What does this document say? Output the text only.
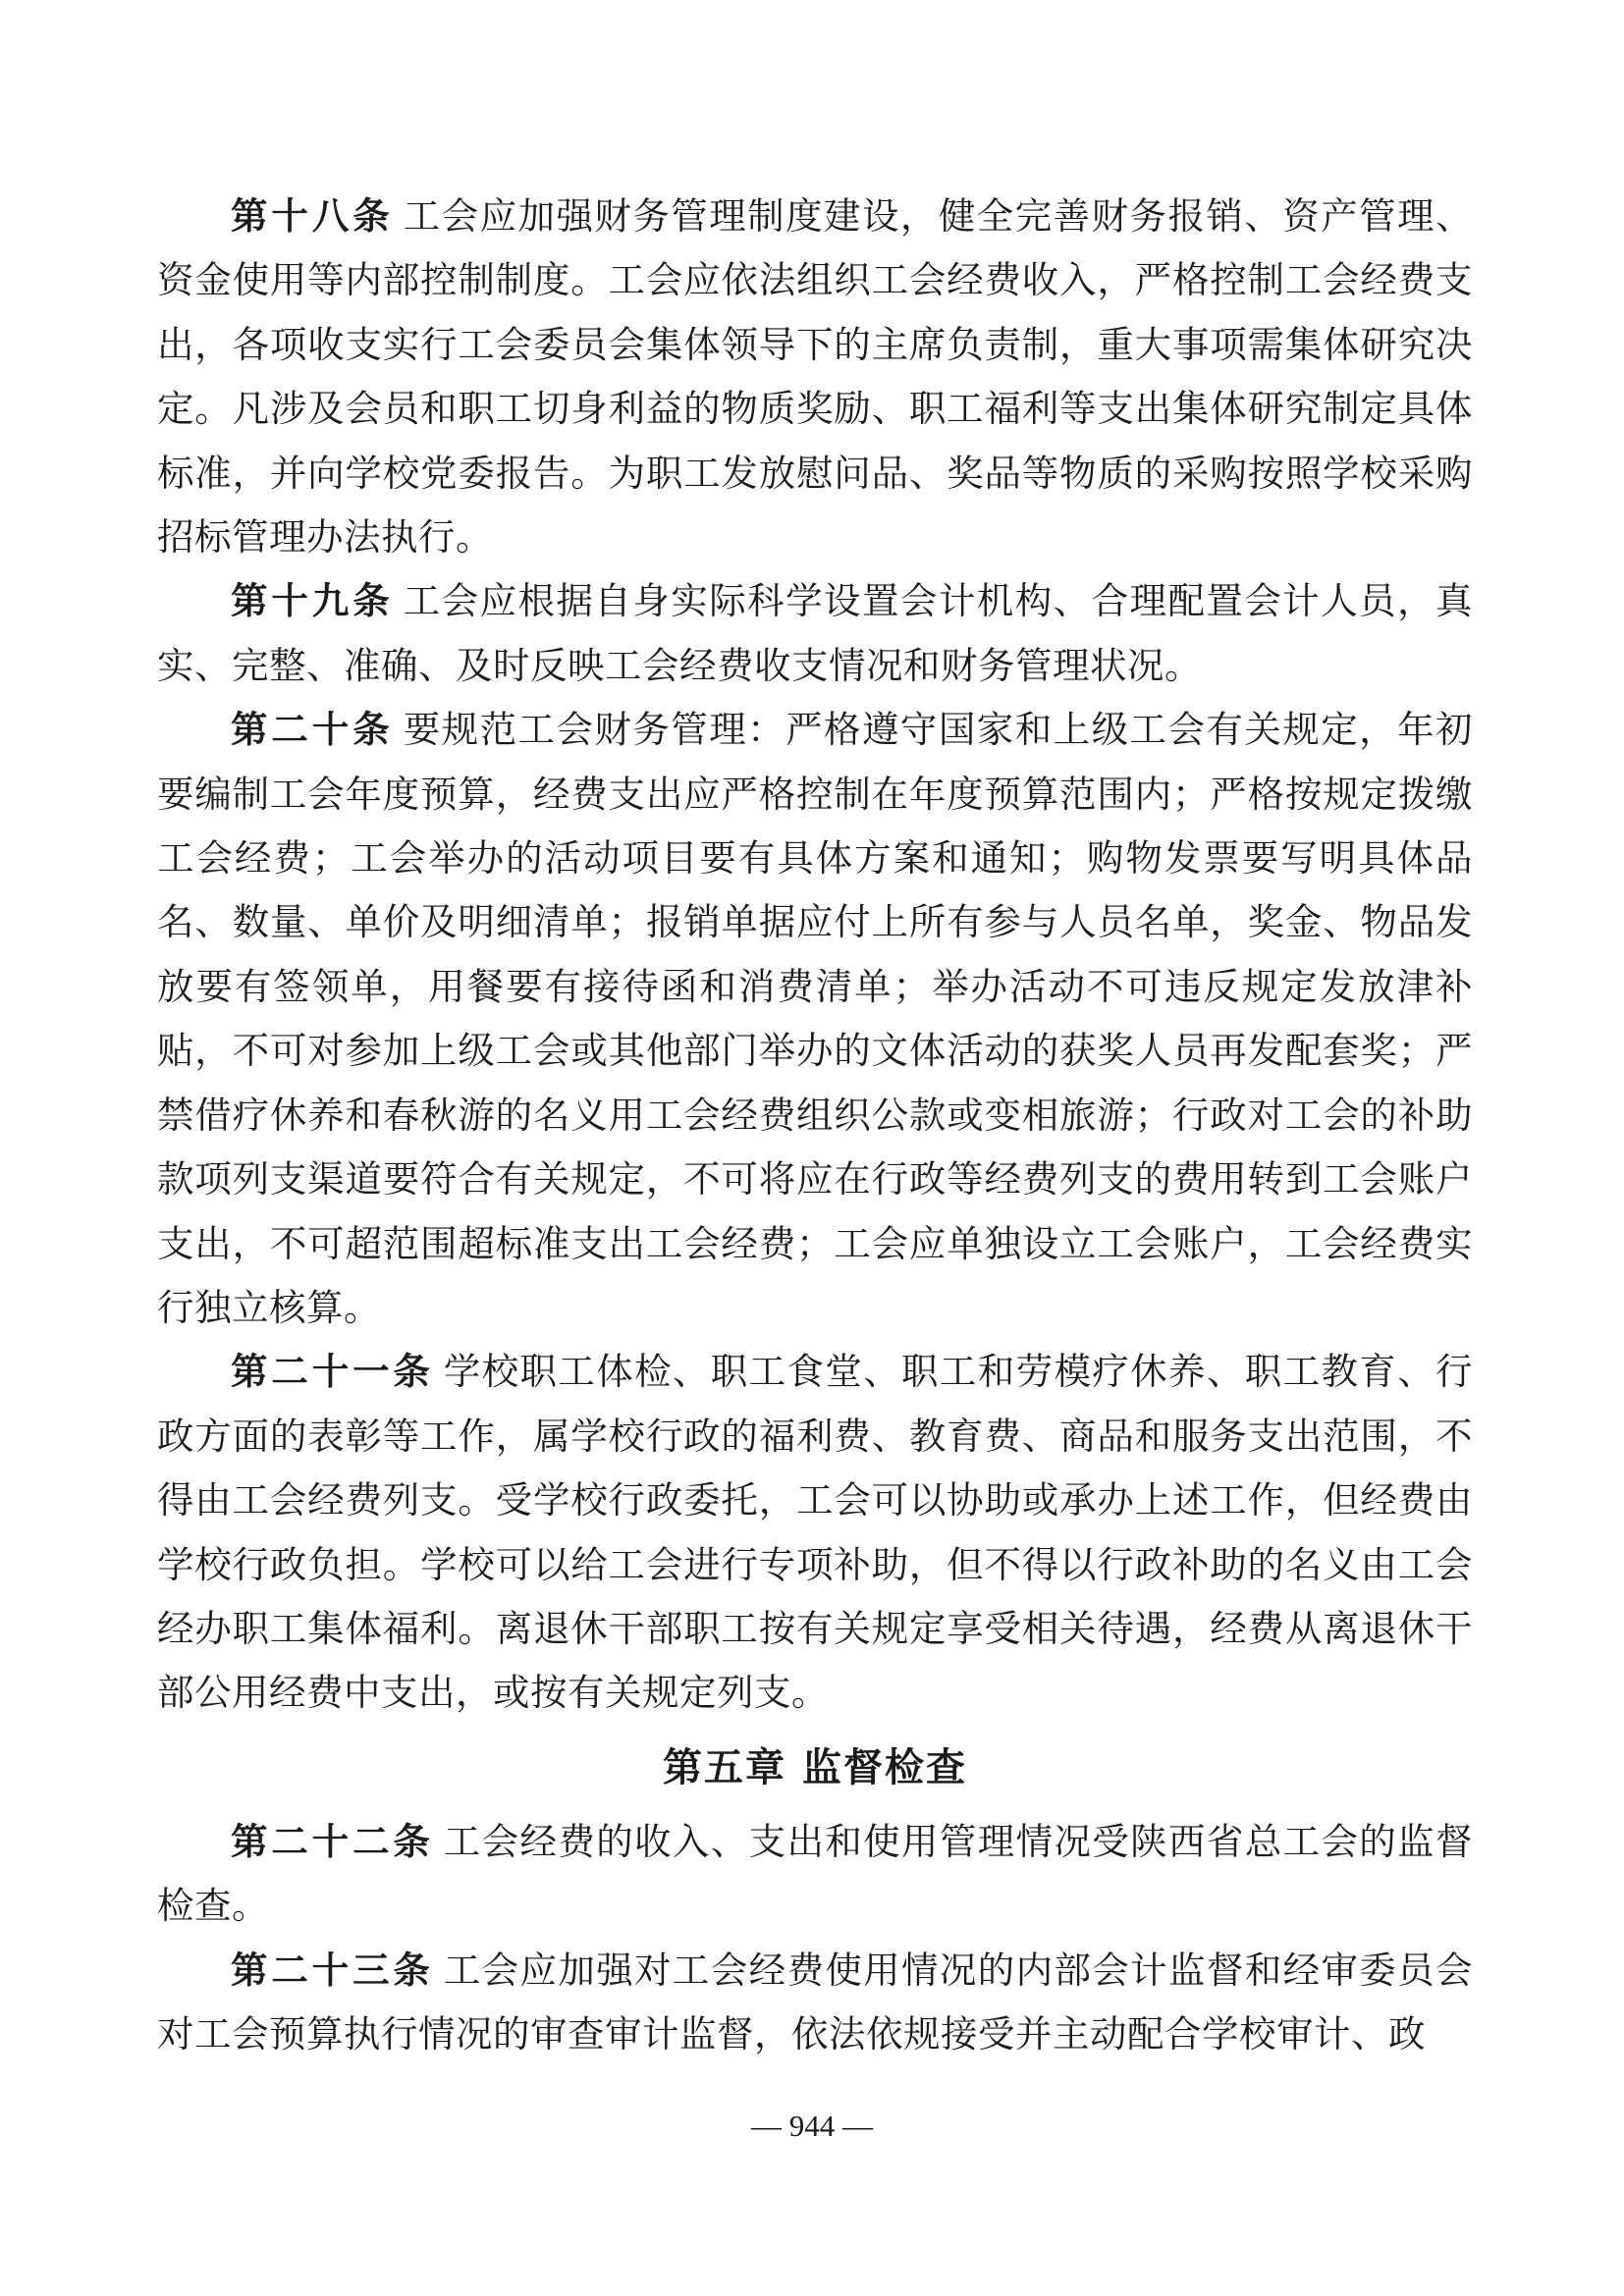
第十八条 工会应加强财务管理制度建设，健全完善财务报销、资产管理、资金使用等内部控制制度。工会应依法组织工会经费收入，严格控制工会经费支出，各项收支实行工会委员会集体领导下的主席负责制，重大事项需集体研究决定。凡涉及会员和职工切身利益的物质奖励、职工福利等支出集体研究制定具体标准，并向学校党委报告。为职工发放慰问品、奖品等物质的采购按照学校采购招标管理办法执行。

第十九条 工会应根据自身实际科学设置会计机构、合理配置会计人员，真实、完整、准确、及时反映工会经费收支情况和财务管理状况。

第二十条 要规范工会财务管理：严格遵守国家和上级工会有关规定，年初要编制工会年度预算，经费支出应严格控制在年度预算范围内；严格按规定拨缴工会经费；工会举办的活动项目要有具体方案和通知；购物发票要写明具体品名、数量、单价及明细清单；报销单据应付上所有参与人员名单，奖金、物品发放要有签领单，用餐要有接待函和消费清单；举办活动不可违反规定发放津补贴，不可对参加上级工会或其他部门举办的文体活动的获奖人员再发配套奖；严禁借疗休养和春秋游的名义用工会经费组织公款或变相旅游；行政对工会的补助款项列支渠道要符合有关规定，不可将应在行政等经费列支的费用转到工会账户支出，不可超范围超标准支出工会经费；工会应单独设立工会账户，工会经费实行独立核算。

第二十一条 学校职工体检、职工食堂、职工和劳模疗休养、职工教育、行政方面的表彰等工作，属学校行政的福利费、教育费、商品和服务支出范围，不得由工会经费列支。受学校行政委托，工会可以协助或承办上述工作，但经费由学校行政负担。学校可以给工会进行专项补助，但不得以行政补助的名义由工会经办职工集体福利。离退休干部职工按有关规定享受相关待遇，经费从离退休干部公用经费中支出，或按有关规定列支。

第五章 监督检查

第二十二条 工会经费的收入、支出和使用管理情况受陕西省总工会的监督检查。

第二十三条 工会应加强对工会经费使用情况的内部会计监督和经审委员会对工会预算执行情况的审查审计监督，依法依规接受并主动配合学校审计、政

— 944 —
